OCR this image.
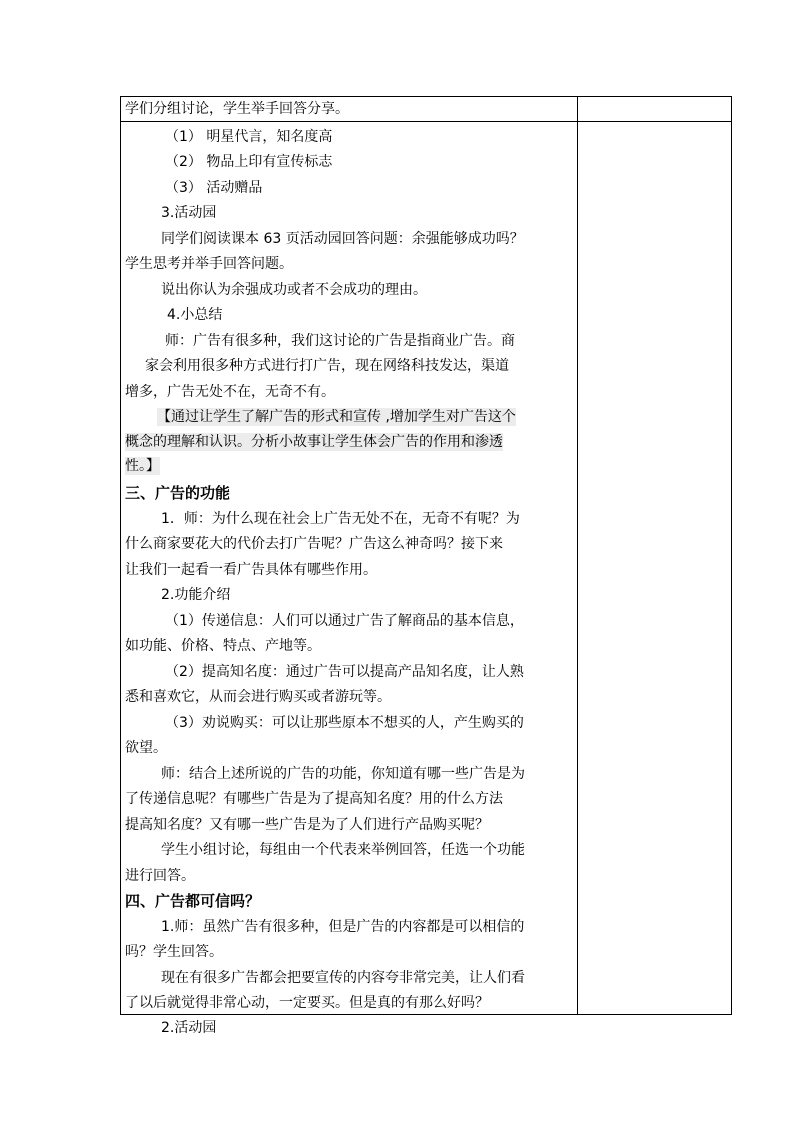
学们分组讨论，学生举手回答分享。
（1） 明星代言，知名度高
（2） 物品上印有宣传标志
（3） 活动赠品
3.活动园
同学们阅读课本 63 页活动园回答问题：余强能够成功吗？
学生思考并举手回答问题。
说出你认为余强成功或者不会成功的理由。
4.小总结
师：广告有很多种，我们这讨论的广告是指商业广告。商
家会利用很多种方式进行打广告，现在网络科技发达，渠道
增多，广告无处不在，无奇不有。
【通过让学生了解广告的形式和宣传 ,增加学生对广告这个
概念的理解和认识。分析小故事让学生体会广告的作用和渗透
性。】
三、广告的功能
1．师：为什么现在社会上广告无处不在，无奇不有呢？为
什么商家要花大的代价去打广告呢？广告这么神奇吗？接下来
让我们一起看一看广告具体有哪些作用。
2.功能介绍
（1）传递信息：人们可以通过广告了解商品的基本信息，
如功能、价格、特点、产地等。
（2）提高知名度：通过广告可以提高产品知名度，让人熟
悉和喜欢它，从而会进行购买或者游玩等。
（3）劝说购买：可以让那些原本不想买的人，产生购买的
欲望。
师：结合上述所说的广告的功能，你知道有哪一些广告是为
了传递信息呢？有哪些广告是为了提高知名度？用的什么方法
提高知名度？又有哪一些广告是为了人们进行产品购买呢？
学生小组讨论，每组由一个代表来举例回答，任选一个功能
进行回答。
四、广告都可信吗？
1.师：虽然广告有很多种，但是广告的内容都是可以相信的
吗？学生回答。
现在有很多广告都会把要宣传的内容夸非常完美，让人们看
了以后就觉得非常心动，一定要买。但是真的有那么好吗？
2.活动园
